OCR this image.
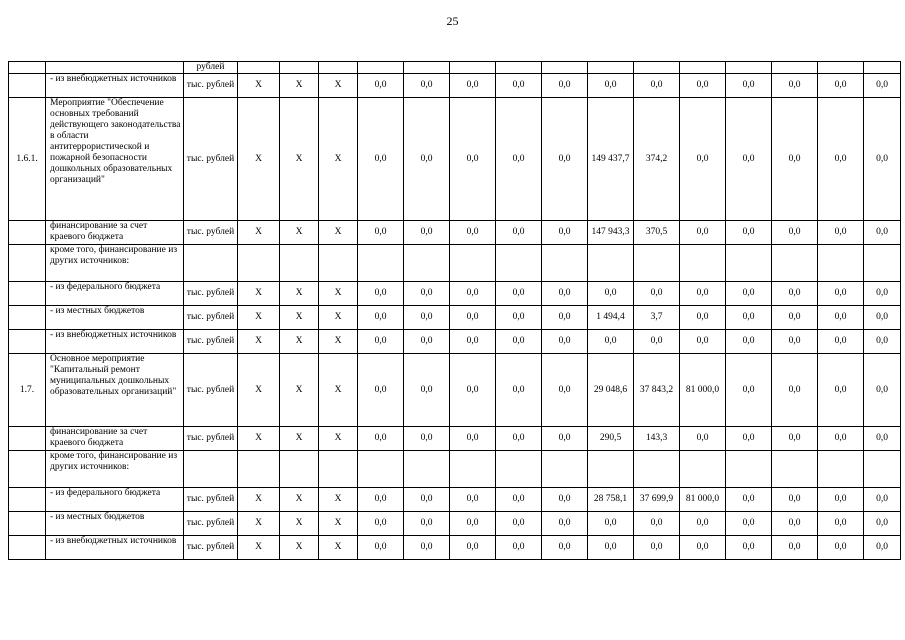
25
		рублей															
	- из внебюджетных источников	тыс. рублей	Х	Х	Х	0,0	0,0	0,0	0,0	0,0	0,0	0,0	0,0	0,0	0,0	0,0	0,0
1.6.1.	Мероприятие "Обеспечение основных требований действующего законодательства в области антитеррористической и пожарной безопасности дошкольных образовательных организаций"	тыс. рублей	Х	Х	Х	0,0	0,0	0,0	0,0	0,0	149 437,7	374,2	0,0	0,0	0,0	0,0	0,0
	финансирование за счет краевого бюджета	тыс. рублей	Х	Х	Х	0,0	0,0	0,0	0,0	0,0	147 943,3	370,5	0,0	0,0	0,0	0,0	0,0
	кроме того, финансирование из других источников:																
	- из федерального бюджета	тыс. рублей	Х	Х	Х	0,0	0,0	0,0	0,0	0,0	0,0	0,0	0,0	0,0	0,0	0,0	0,0
	- из местных бюджетов	тыс. рублей	Х	Х	Х	0,0	0,0	0,0	0,0	0,0	1 494,4	3,7	0,0	0,0	0,0	0,0	0,0
	- из внебюджетных источников	тыс. рублей	Х	Х	Х	0,0	0,0	0,0	0,0	0,0	0,0	0,0	0,0	0,0	0,0	0,0	0,0
1.7.	Основное мероприятие "Капитальный ремонт муниципальных дошкольных образовательных организаций"	тыс. рублей	Х	Х	Х	0,0	0,0	0,0	0,0	0,0	29 048,6	37 843,2	81 000,0	0,0	0,0	0,0	0,0
	финансирование за счет краевого бюджета	тыс. рублей	Х	Х	Х	0,0	0,0	0,0	0,0	0,0	290,5	143,3	0,0	0,0	0,0	0,0	0,0
	кроме того, финансирование из других источников:																
	- из федерального бюджета	тыс. рублей	Х	Х	Х	0,0	0,0	0,0	0,0	0,0	28 758,1	37 699,9	81 000,0	0,0	0,0	0,0	0,0
	- из местных бюджетов	тыс. рублей	Х	Х	Х	0,0	0,0	0,0	0,0	0,0	0,0	0,0	0,0	0,0	0,0	0,0	0,0
	- из внебюджетных источников	тыс. рублей	Х	Х	Х	0,0	0,0	0,0	0,0	0,0	0,0	0,0	0,0	0,0	0,0	0,0	0,0
